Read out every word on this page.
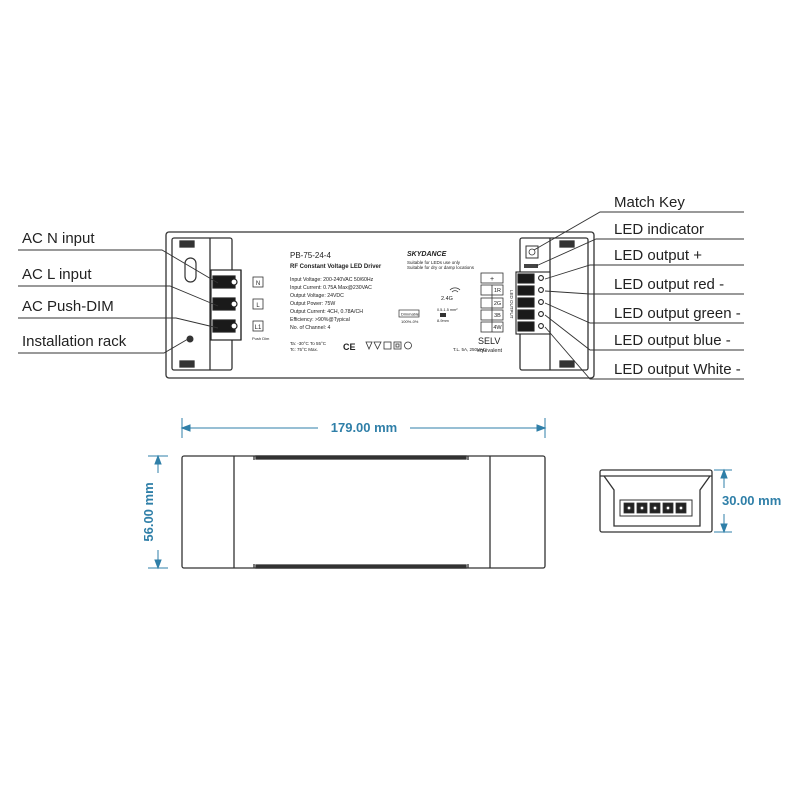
N
L
L1
Push Dim
PB-75-24-4
RF Constant Voltage LED Driver
SKYDANCE
Suitable for LEDs use only
Suitable for dry or damp locations
Input Voltage: 200-240VAC 50/60Hz
Input Current: 0.75A Max@230VAC
Output Voltage: 24VDC
Output Power: 75W
Output Current: 4CH, 0.78A/CH
Efficiency: >90%@Typical
No. of Channel: 4
Ta: -30°C To 55°C
Tc: 75°C Max.	CE
Dimmable
100%-0%
2.4G
0.5-1.5 mm²
8-9mm
+
1R
2G
3B
4W
T.L. 5A, 250VAC
SELV
equivalent
LED OUTPUT
AC N input
AC L input
AC Push-DIM
Installation rack
Match Key
LED indicator
LED output +
LED output red -
LED output green -
LED output blue -
LED output White -
179.00 mm
56.00 mm	30.00 mm
